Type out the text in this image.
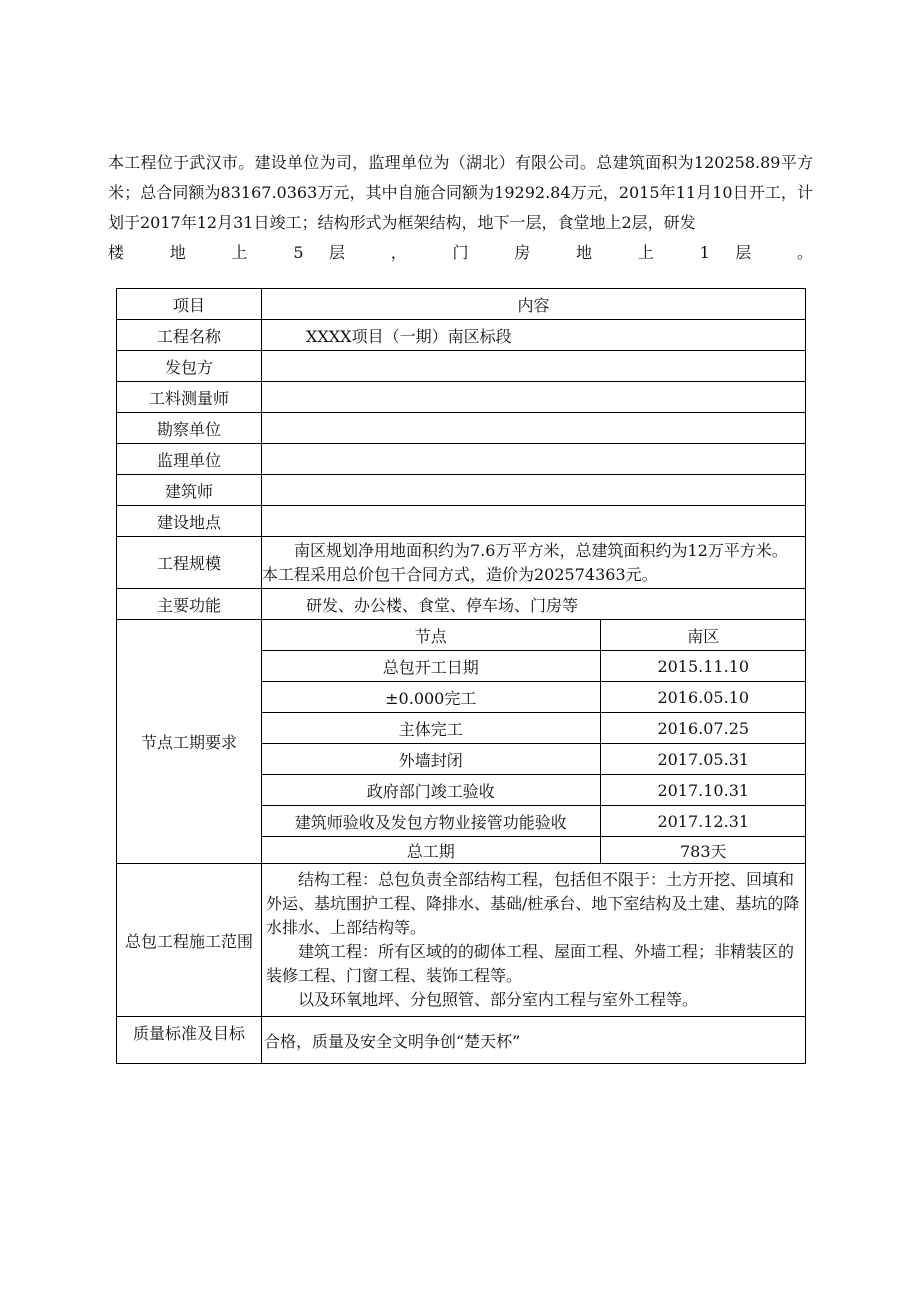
本工程位于武汉市。建设单位为司，监理单位为（湖北）有限公司。总建筑面积为120258.89平方米；总合同额为83167.0363万元，其中自施合同额为19292.84万元，2015年11月10日开工，计划于2017年12月31日竣工；结构形式为框架结构，地下一层，食堂地上2层，研发
楼 地 上 5 层 ， 门 房 地 上 1 层 。

项目	内容
工程名称	XXXX项目（一期）南区标段
发包方	
工料测量师	
勘察单位	
监理单位	
建筑师	
建设地点	
工程规模	南区规划净用地面积约为7.6万平方米，总建筑面积约为12万平方米。本工程采用总价包干合同方式，造价为202574363元。
主要功能	研发、办公楼、食堂、停车场、门房等
节点工期要求	
节点	南区
总包开工日期	2015.11.10
±0.000完工	2016.05.10
主体完工	2016.07.25
外墙封闭	2017.05.31
政府部门竣工验收	2017.10.31
建筑师验收及发包方物业接管功能验收	2017.12.31
总工期	783天

总包工程施工范围	

结构工程：总包负责全部结构工程，包括但不限于：土方开挖、回填和外运、基坑围护工程、降排水、基础/桩承台、地下室结构及土建、基坑的降水排水、上部结构等。

建筑工程：所有区域的的砌体工程、屋面工程、外墙工程；非精装区的装修工程、门窗工程、装饰工程等。

以及环氧地坪、分包照管、部分室内工程与室外工程等。

质量标准及目标	合格，质量及安全文明争创“楚天杯”
